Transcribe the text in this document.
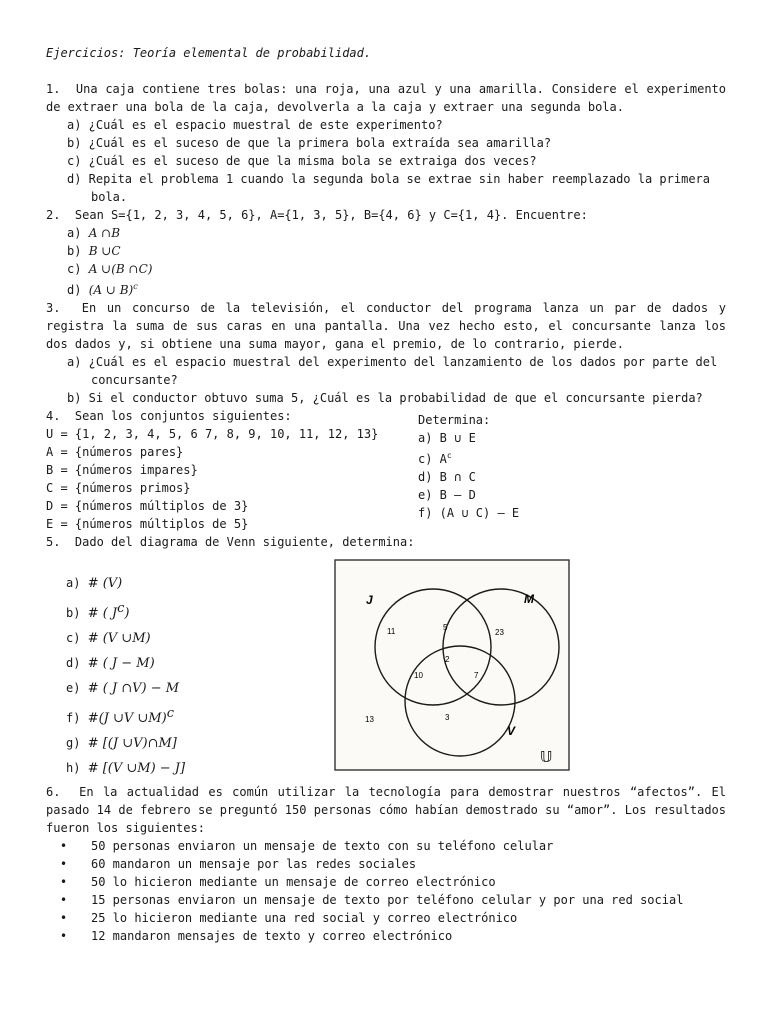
Ejercicios: Teoría elemental de probabilidad.

1.  Una caja contiene tres bolas: una roja, una azul y una amarilla. Considere el experimento de extraer una bola de la caja, devolverla a la caja y extraer una segunda bola.

a) ¿Cuál es el espacio muestral de este experimento?

b) ¿Cuál es el suceso de que la primera bola extraída sea amarilla?

c) ¿Cuál es el suceso de que la misma bola se extraiga dos veces?

d) Repita el problema 1 cuando la segunda bola se extrae sin haber reemplazado la primera bola.

2.  Sean S={1, 2, 3, 4, 5, 6}, A={1, 3, 5}, B={4, 6} y C={1, 4}. Encuentre:

a) A ∩B

b) B ∪C

c) A ∪(B ∩C)

d) (A ∪ B)$^c$

3.  En un concurso de la televisión, el conductor del programa lanza un par de dados y registra la suma de sus caras en una pantalla. Una vez hecho esto, el concursante lanza los dos dados y, si obtiene una suma mayor, gana el premio, de lo contrario, pierde.

a) ¿Cuál es el espacio muestral del experimento del lanzamiento de los dados por parte del concursante?

b) Si el conductor obtuvo suma 5, ¿Cuál es la probabilidad de que el concursante pierda?

4.  Sean los conjuntos siguientes:

U = {1, 2, 3, 4, 5, 6 7, 8, 9, 10, 11, 12, 13}

A = {números pares}

B = {números impares}

C = {números primos}

D = {números múltiplos de 3}

E = {números múltiplos de 5}

Determina:

a) B ∪ E

c) $A^c$

d) B ∩ C

e) B – D

f) (A ∪ C) – E

5.  Dado del diagrama de Venn siguiente, determina:

a) # (V)

b) # ( $J^c$)

c) # (V ∪M)

d) # ( J − M)

e) # ( J ∩V) − M

f) #(J ∪V ∪M)$^c$

g) # [(J ∪V)∩M]

h) # [(V ∪M) − J]

J	M
V
𝕌
11	5
23
2
10	7
3
13

6.  En la actualidad es común utilizar la tecnología para demostrar nuestros “afectos”. El pasado 14 de febrero se preguntó 150 personas cómo habían demostrado su “amor”. Los resultados fueron los siguientes:

• 50 personas enviaron un mensaje de texto con su teléfono celular
• 60 mandaron un mensaje por las redes sociales
• 50 lo hicieron mediante un mensaje de correo electrónico
• 15 personas enviaron un mensaje de texto por teléfono celular y por una red social
• 25 lo hicieron mediante una red social y correo electrónico
• 12 mandaron mensajes de texto y correo electrónico
